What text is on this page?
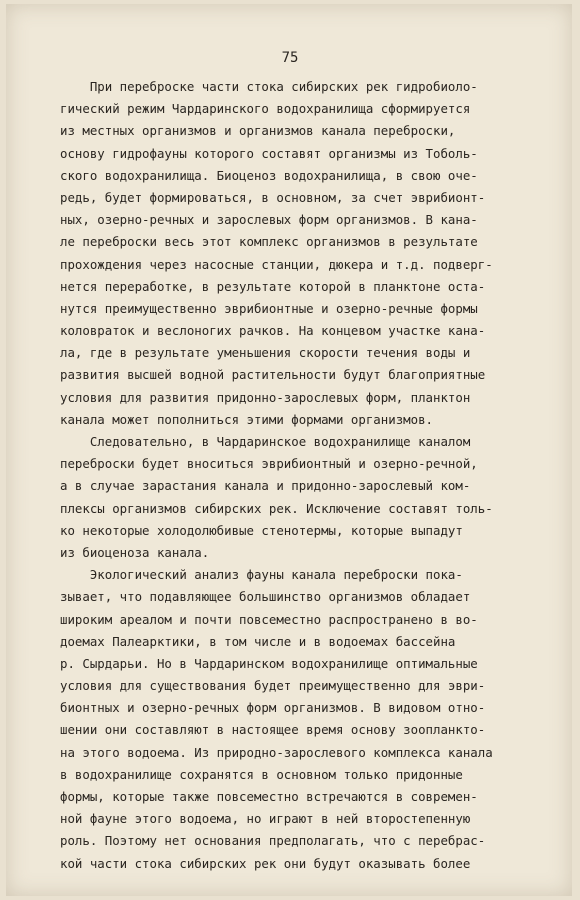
75
При переброске части стока сибирских рек гидробиоло-
гический режим Чардаринского водохранилища сформируется
из местных организмов и организмов канала переброски,
основу гидрофауны которого составят организмы из Тоболь-
ского водохранилища. Биоценоз водохранилища, в свою оче-
редь, будет формироваться, в основном, за счет эврибионт-
ных, озерно-речных и зарослевых форм организмов. В кана-
ле переброски весь этот комплекс организмов в результате
прохождения через насосные станции, дюкера и т.д. подверг-
нется переработке, в результате которой в планктоне оста-
нутся преимущественно эврибионтные и озерно-речные формы
коловраток и веслоногих рачков. На концевом участке кана-
ла, где в результате уменьшения скорости течения воды и
развития высшей водной растительности будут благоприятные
условия для развития придонно-зарослевых форм, планктон
канала может пополниться этими формами организмов.
Следовательно, в Чардаринское водохранилище каналом
переброски будет вноситься эврибионтный и озерно-речной,
а в случае зарастания канала и придонно-зарослевый ком-
плексы организмов сибирских рек. Исключение составят толь-
ко некоторые холодолюбивые стенотермы, которые выпадут
из биоценоза канала.
Экологический анализ фауны канала переброски пока-
зывает, что подавляющее большинство организмов обладает
широким ареалом и почти повсеместно распространено в во-
доемах Палеарктики, в том числе и в водоемах бассейна
р. Сырдарьи. Но в Чардаринском водохранилище оптимальные
условия для существования будет преимущественно для эври-
бионтных и озерно-речных форм организмов. В видовом отно-
шении они составляют в настоящее время основу зоопланкто-
на этого водоема. Из природно-зарослевого комплекса канала
в водохранилище сохранятся в основном только придонные
формы, которые также повсеместно встречаются в современ-
ной фауне этого водоема, но играют в ней второстепенную
роль. Поэтому нет основания предполагать, что с перебрас-
кой части стока сибирских рек они будут оказывать более
